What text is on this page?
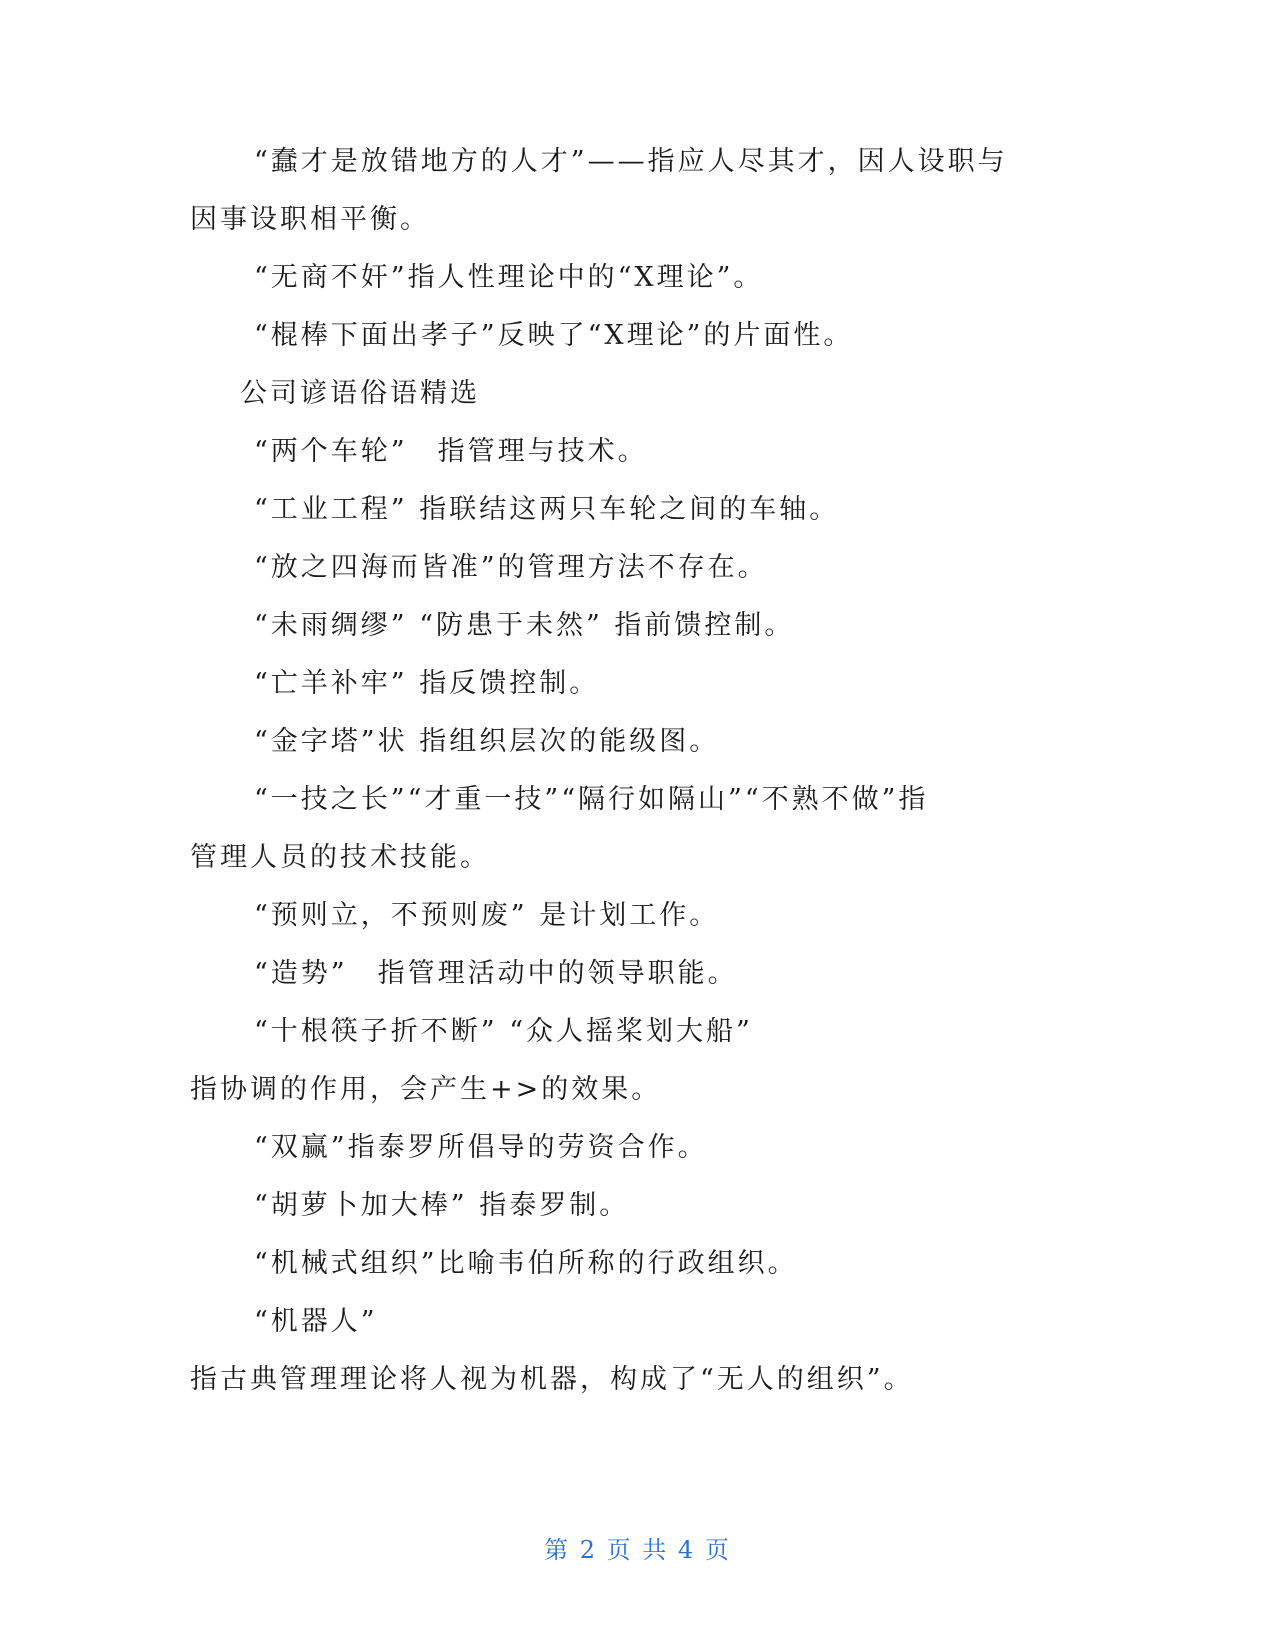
“蠢才是放错地方的人才”——指应人尽其才，因人设职与
因事设职相平衡。
“无商不奸”指人性理论中的“X理论”。
“棍棒下面出孝子”反映了“X理论”的片面性。
公司谚语俗语精选
“两个车轮”　指管理与技术。
“工业工程” 指联结这两只车轮之间的车轴。
“放之四海而皆准”的管理方法不存在。
“未雨绸缪” “防患于未然” 指前馈控制。
“亡羊补牢” 指反馈控制。
“金字塔”状 指组织层次的能级图。
“一技之长”“才重一技”“隔行如隔山”“不熟不做”指
管理人员的技术技能。
“预则立，不预则废” 是计划工作。
“造势”　指管理活动中的领导职能。
“十根筷子折不断” “众人摇桨划大船”
指协调的作用，会产生+>的效果。
“双赢”指泰罗所倡导的劳资合作。
“胡萝卜加大棒” 指泰罗制。
“机械式组织”比喻韦伯所称的行政组织。
“机器人”
指古典管理理论将人视为机器，构成了“无人的组织”。
第 2 页 共 4 页
